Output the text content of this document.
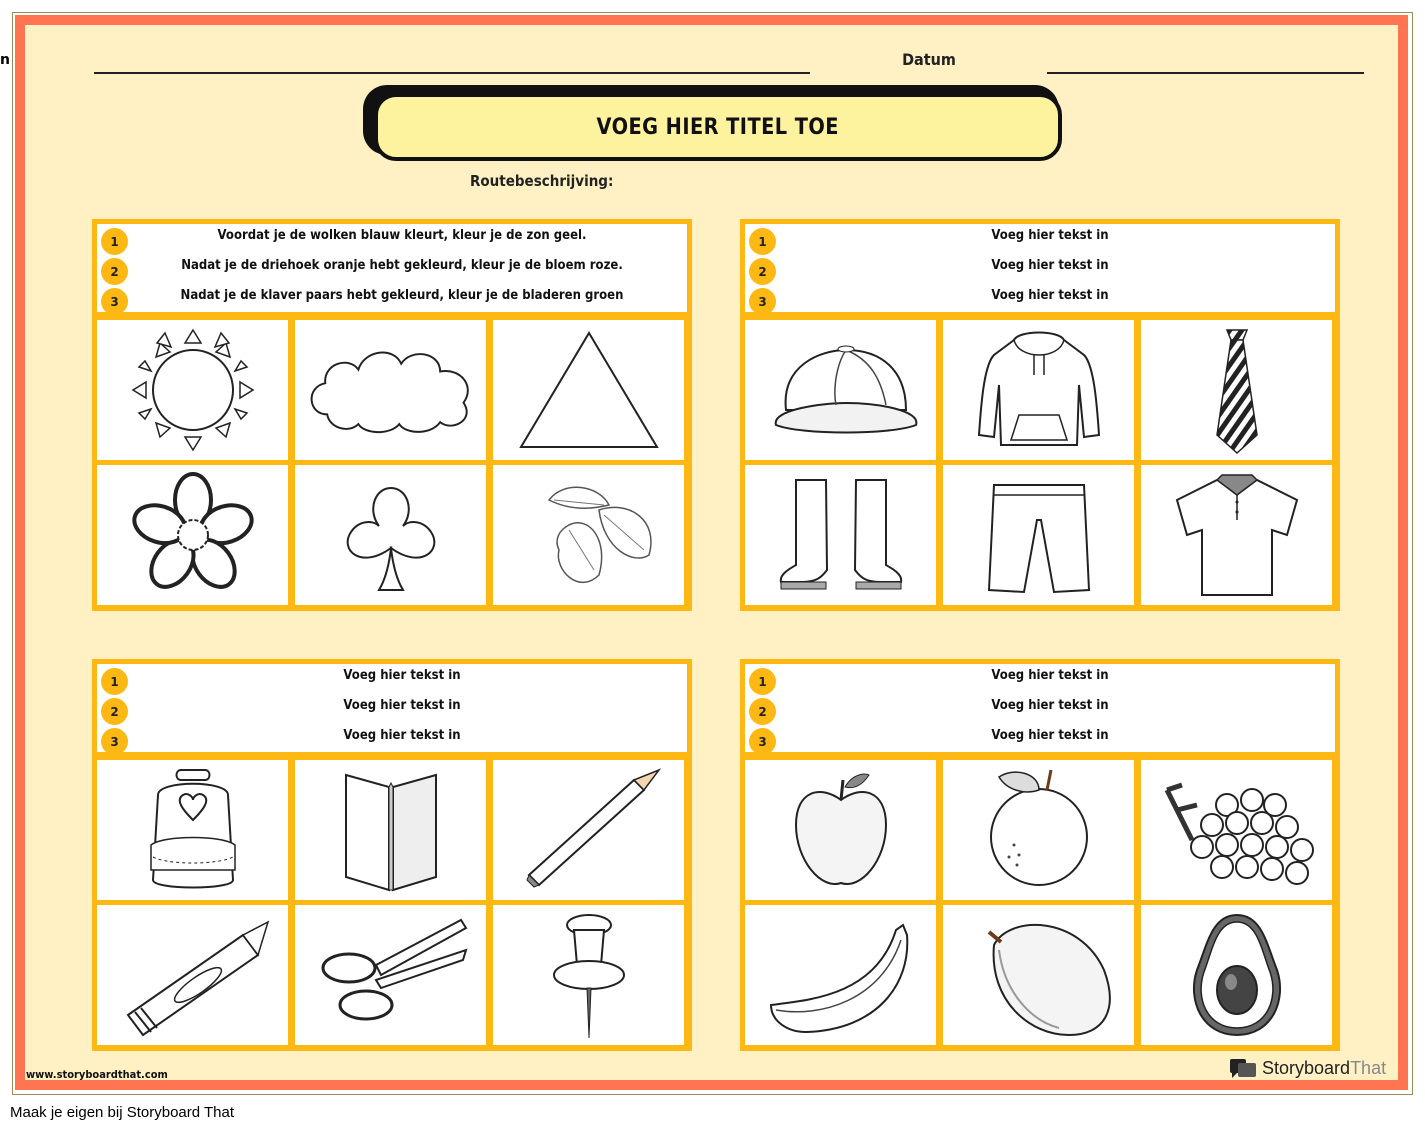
n	Datum
VOEG HIER TITEL TOE
Routebeschrijving:
1	Voordat je de wolken blauw kleurt, kleur je de zon geel.
2	Nadat je de driehoek oranje hebt gekleurd, kleur je de bloem roze.
3	Nadat je de klaver paars hebt gekleurd, kleur je de bladeren groen
1	Voeg hier tekst in
2	Voeg hier tekst in
3	Voeg hier tekst in
1	Voeg hier tekst in
2	Voeg hier tekst in
3	Voeg hier tekst in
1	Voeg hier tekst in
2	Voeg hier tekst in
3	Voeg hier tekst in
www.storyboardthat.com	StoryboardThat
Maak je eigen bij Storyboard That
